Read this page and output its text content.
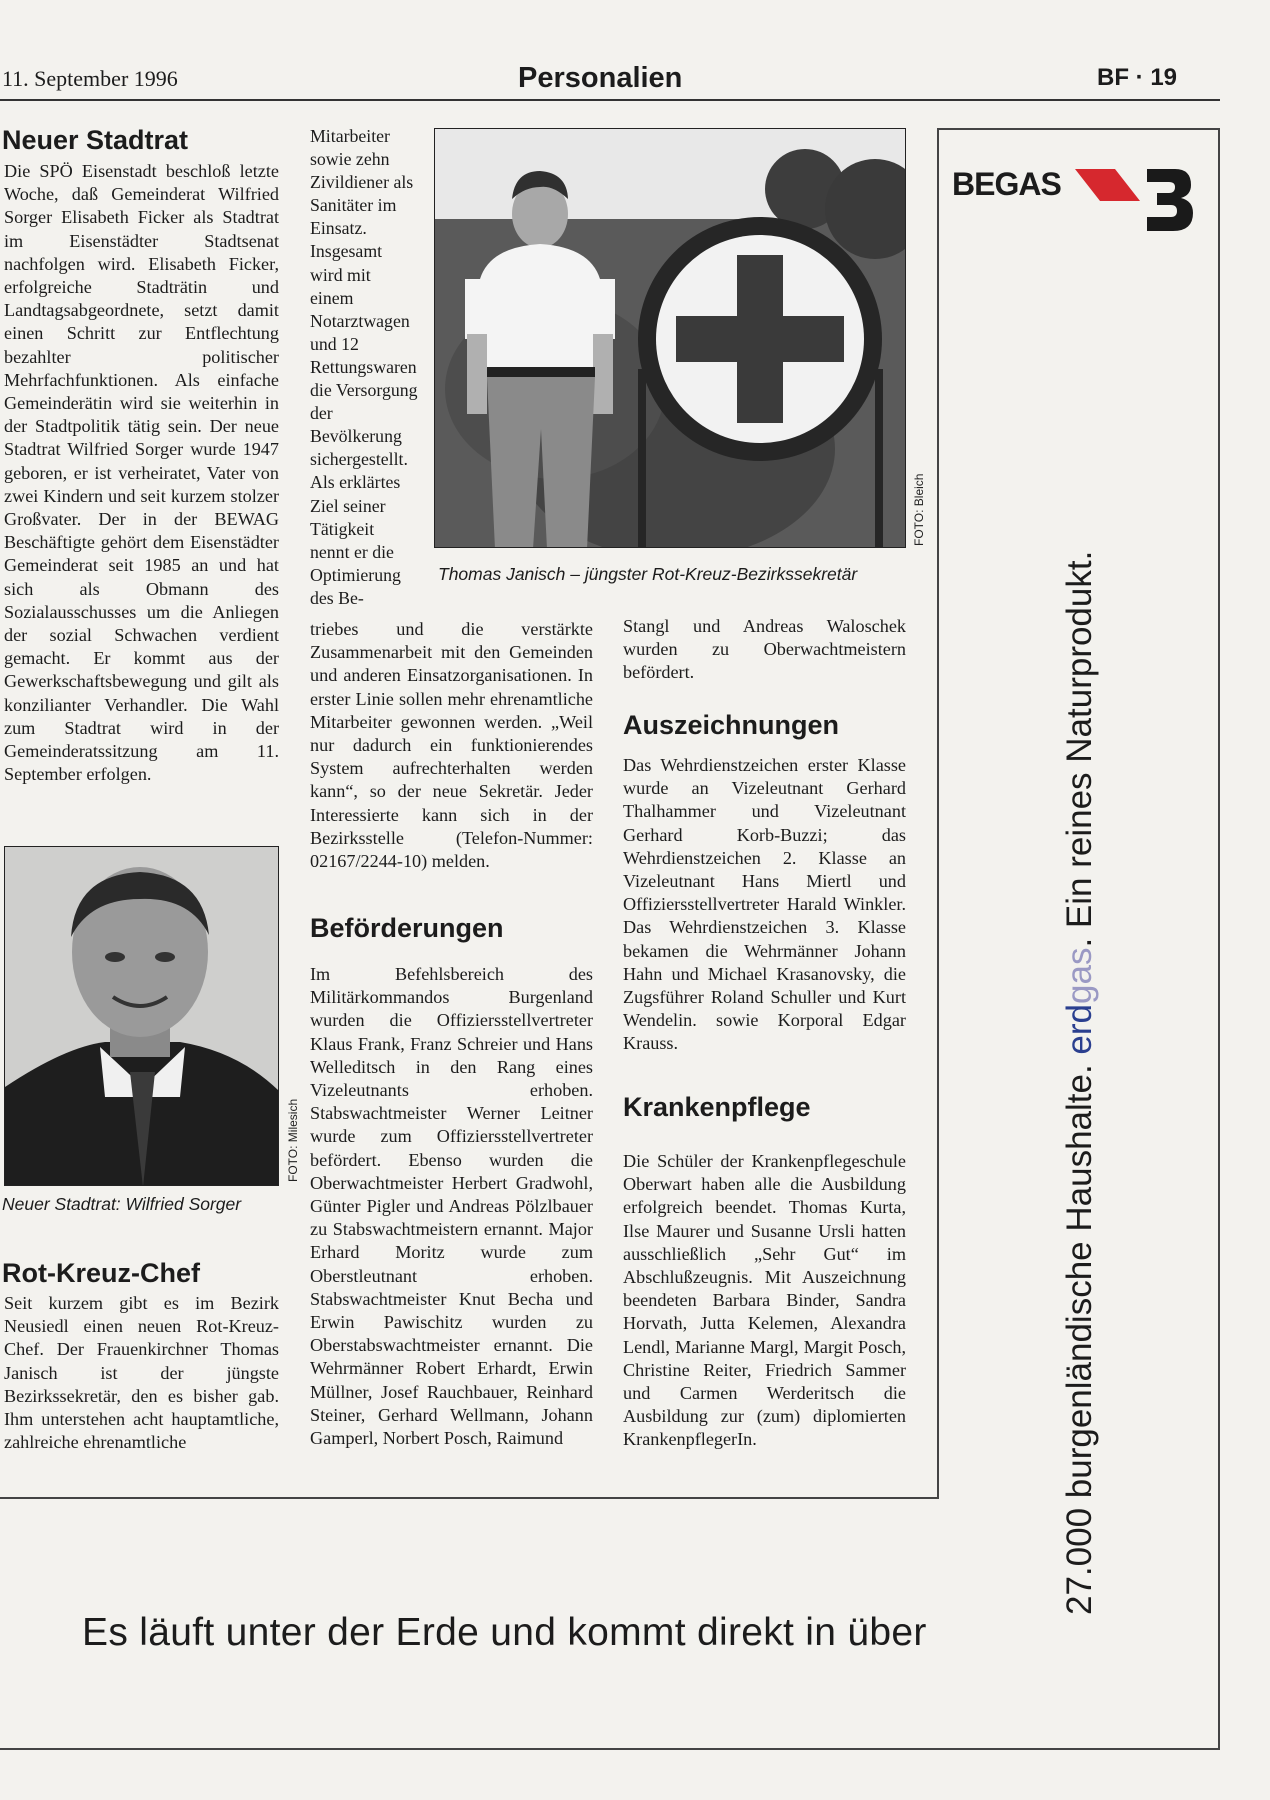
11. September 1996	Personalien	BF · 19
Neuer Stadtrat

Die SPÖ Eisenstadt beschloß letzte Woche, daß Gemeinderat Wilfried Sorger Elisabeth Ficker als Stadtrat im Eisenstädter Stadtsenat nachfolgen wird. Elisabeth Ficker, erfolgreiche Stadträtin und Landtagsabgeordnete, setzt damit einen Schritt zur Entflechtung bezahlter politischer Mehrfachfunktionen. Als einfache Gemeinderätin wird sie weiterhin in der Stadtpolitik tätig sein. Der neue Stadtrat Wilfried Sorger wurde 1947 geboren, er ist verheiratet, Vater von zwei Kindern und seit kurzem stolzer Großvater. Der in der BEWAG Beschäftigte gehört dem Eisenstädter Gemeinderat seit 1985 an und hat sich als Obmann des Sozialausschusses um die Anliegen der sozial Schwachen verdient gemacht. Er kommt aus der Gewerkschaftsbewegung und gilt als konzilianter Verhandler. Die Wahl zum Stadtrat wird in der Gemeinderatssitzung am 11. September erfolgen.

FOTO: Milesich

Neuer Stadtrat: Wilfried Sorger

Rot-Kreuz-Chef

Seit kurzem gibt es im Bezirk Neusiedl einen neuen Rot-Kreuz-Chef. Der Frauenkirchner Thomas Janisch ist der jüngste Bezirkssekretär, den es bisher gab. Ihm unterstehen acht hauptamtliche, zahlreiche ehrenamtliche

Mitarbeiter sowie zehn Zivildiener als Sanitäter im Einsatz. Insgesamt wird mit einem Notarztwagen und 12 Rettungswaren die Versorgung der Bevölkerung sichergestellt. Als erklärtes Ziel seiner Tätigkeit nennt er die Optimierung des Be-

FOTO: Bleich

Thomas Janisch – jüngster Rot-Kreuz-Bezirkssekretär

triebes und die verstärkte Zusammenarbeit mit den Gemeinden und anderen Einsatzorganisationen. In erster Linie sollen mehr ehrenamtliche Mitarbeiter gewonnen werden. „Weil nur dadurch ein funktionierendes System aufrechterhalten werden kann“, so der neue Sekretär. Jeder Interessierte kann sich in der Bezirksstelle (Telefon-Nummer: 02167/2244-10) melden.

Beförderungen

Im Befehlsbereich des Militärkommandos Burgenland wurden die Offiziersstellvertreter Klaus Frank, Franz Schreier und Hans Welleditsch in den Rang eines Vizeleutnants erhoben. Stabswachtmeister Werner Leitner wurde zum Offiziersstellvertreter befördert. Ebenso wurden die Oberwachtmeister Herbert Gradwohl, Günter Pigler und Andreas Pölzlbauer zu Stabswachtmeistern ernannt. Major Erhard Moritz wurde zum Oberstleutnant erhoben. Stabswachtmeister Knut Becha und Erwin Pawischitz wurden zu Oberstabswachtmeister ernannt. Die Wehrmänner Robert Erhardt, Erwin Müllner, Josef Rauchbauer, Reinhard Steiner, Gerhard Wellmann, Johann Gamperl, Norbert Posch, Raimund

Stangl und Andreas Waloschek wurden zu Oberwachtmeistern befördert.

Auszeichnungen

Das Wehrdienstzeichen erster Klasse wurde an Vizeleutnant Gerhard Thalhammer und Vizeleutnant Gerhard Korb-Buzzi; das Wehrdienstzeichen 2. Klasse an Vizeleutnant Hans Miertl und Offiziersstellvertreter Harald Winkler. Das Wehrdienstzeichen 3. Klasse bekamen die Wehrmänner Johann Hahn und Michael Krasanovsky, die Zugsführer Roland Schuller und Kurt Wendelin. sowie Korporal Edgar Krauss.

Krankenpflege

Die Schüler der Krankenpflegeschule Oberwart haben alle die Ausbildung erfolgreich beendet. Thomas Kurta, Ilse Maurer und Susanne Ursli hatten ausschließlich „Sehr Gut“ im Abschlußzeugnis. Mit Auszeichnung beendeten Barbara Binder, Sandra Horvath, Jutta Kelemen, Alexandra Lendl, Marianne Margl, Margit Posch, Christine Reiter, Friedrich Sammer und Carmen Werderitsch die Ausbildung zur (zum) diplomierten KrankenpflegerIn.

BEGAS
27.000 burgenländische Haushalte. erdgas. Ein reines Naturprodukt.
Es läuft unter der Erde und kommt direkt in über
